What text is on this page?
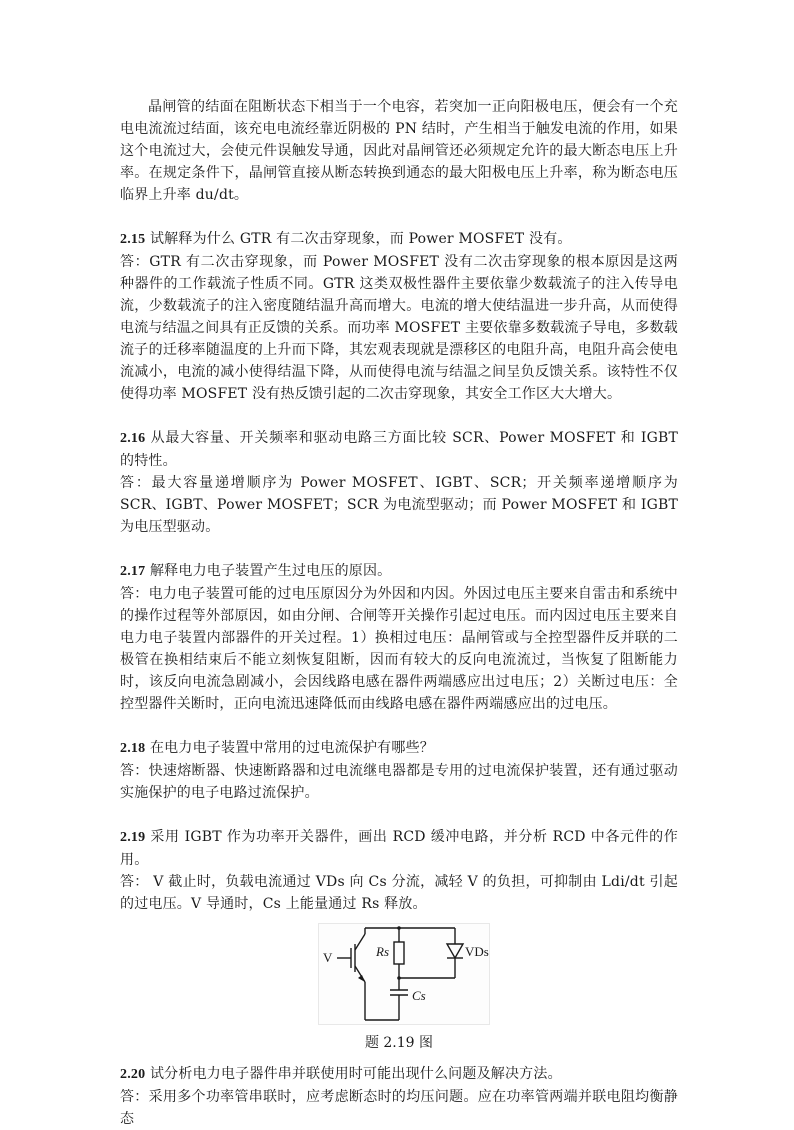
晶闸管的结面在阻断状态下相当于一个电容，若突加一正向阳极电压，便会有一个充电电流流过结面，该充电电流经靠近阴极的 PN 结时，产生相当于触发电流的作用，如果这个电流过大，会使元件误触发导通，因此对晶闸管还必须规定允许的最大断态电压上升率。在规定条件下，晶闸管直接从断态转换到通态的最大阳极电压上升率，称为断态电压临界上升率 du/dt。

2.15 试解释为什么 GTR 有二次击穿现象，而 Power MOSFET 没有。

答：GTR 有二次击穿现象，而 Power MOSFET 没有二次击穿现象的根本原因是这两种器件的工作载流子性质不同。GTR 这类双极性器件主要依靠少数载流子的注入传导电流，少数载流子的注入密度随结温升高而增大。电流的增大使结温进一步升高，从而使得电流与结温之间具有正反馈的关系。而功率 MOSFET 主要依靠多数载流子导电，多数载流子的迁移率随温度的上升而下降，其宏观表现就是漂移区的电阻升高，电阻升高会使电流减小，电流的减小使得结温下降，从而使得电流与结温之间呈负反馈关系。该特性不仅使得功率 MOSFET 没有热反馈引起的二次击穿现象，其安全工作区大大增大。

2.16 从最大容量、开关频率和驱动电路三方面比较 SCR、Power MOSFET 和 IGBT 的特性。

答：最大容量递增顺序为 Power MOSFET、IGBT、SCR；开关频率递增顺序为 SCR、IGBT、Power MOSFET；SCR 为电流型驱动；而 Power MOSFET 和 IGBT 为电压型驱动。

2.17 解释电力电子装置产生过电压的原因。

答：电力电子装置可能的过电压原因分为外因和内因。外因过电压主要来自雷击和系统中的操作过程等外部原因，如由分闸、合闸等开关操作引起过电压。而内因过电压主要来自电力电子装置内部器件的开关过程。1）换相过电压：晶闸管或与全控型器件反并联的二极管在换相结束后不能立刻恢复阻断，因而有较大的反向电流流过，当恢复了阻断能力时，该反向电流急剧减小，会因线路电感在器件两端感应出过电压；2）关断过电压：全控型器件关断时，正向电流迅速降低而由线路电感在器件两端感应出的过电压。

2.18 在电力电子装置中常用的过电流保护有哪些？

答：快速熔断器、快速断路器和过电流继电器都是专用的过电流保护装置，还有通过驱动实施保护的电子电路过流保护。

2.19 采用 IGBT 作为功率开关器件，画出 RCD 缓冲电路，并分析 RCD 中各元件的作用。

答： V 截止时，负载电流通过 VDs 向 Cs 分流，减轻 V 的负担，可抑制由 Ldi/dt 引起的过电压。V 导通时，Cs 上能量通过 Rs 释放。

V	Rs	VDs
Cs
题 2.19 图

2.20 试分析电力电子器件串并联使用时可能出现什么问题及解决方法。

答：采用多个功率管串联时，应考虑断态时的均压问题。应在功率管两端并联电阻均衡静态
